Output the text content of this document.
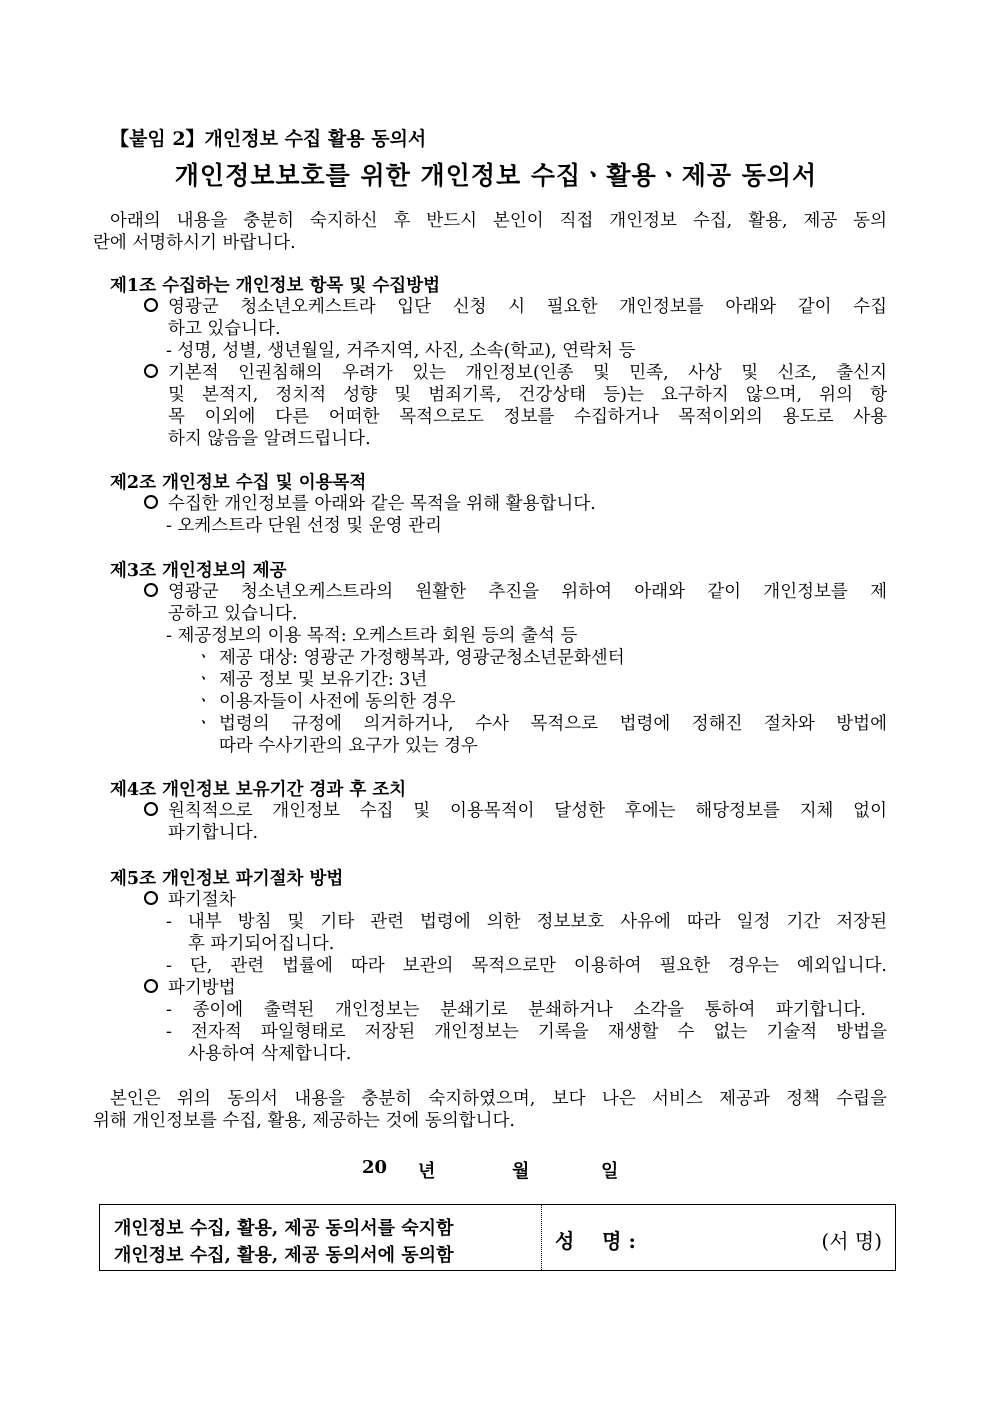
【붙임 2】개인정보 수집 활용 동의서
개인정보보호를 위한 개인정보 수집ㆍ활용ㆍ제공 동의서
아래의 내용을 충분히 숙지하신 후 반드시 본인이 직접 개인정보 수집, 활용, 제공 동의
란에 서명하시기 바랍니다.
제1조 수집하는 개인정보 항목 및 수집방법
영광군 청소년오케스트라 입단 신청 시 필요한 개인정보를 아래와 같이 수집
하고 있습니다.
- 성명, 성별, 생년월일, 거주지역, 사진, 소속(학교), 연락처 등
기본적 인권침해의 우려가 있는 개인정보(인종 및 민족, 사상 및 신조, 출신지
및 본적지, 정치적 성향 및 범죄기록, 건강상태 등)는 요구하지 않으며, 위의 항
목 이외에 다른 어떠한 목적으로도 정보를 수집하거나 목적이외의 용도로 사용
하지 않음을 알려드립니다.
제2조 개인정보 수집 및 이용목적
수집한 개인정보를 아래와 같은 목적을 위해 활용합니다.
- 오케스트라 단원 선정 및 운영 관리
제3조 개인정보의 제공
영광군 청소년오케스트라의 원활한 추진을 위하여 아래와 같이 개인정보를 제
공하고 있습니다.
- 제공정보의 이용 목적: 오케스트라 회원 등의 출석 등
ㆍ 제공 대상: 영광군 가정행복과, 영광군청소년문화센터
ㆍ 제공 정보 및 보유기간: 3년
ㆍ 이용자들이 사전에 동의한 경우
ㆍ 법령의 규정에 의거하거나, 수사 목적으로 법령에 정해진 절차와 방법에
따라 수사기관의 요구가 있는 경우
제4조 개인정보 보유기간 경과 후 조치
원칙적으로 개인정보 수집 및 이용목적이 달성한 후에는 해당정보를 지체 없이
파기합니다.
제5조 개인정보 파기절차 방법
파기절차
- 내부 방침 및 기타 관련 법령에 의한 정보보호 사유에 따라 일정 기간 저장된
후 파기되어집니다.
- 단, 관련 법률에 따라 보관의 목적으로만 이용하여 필요한 경우는 예외입니다.
파기방법
- 종이에 출력된 개인정보는 분쇄기로 분쇄하거나 소각을 통하여 파기합니다.
- 전자적 파일형태로 저장된 개인정보는 기록을 재생할 수 없는 기술적 방법을
사용하여 삭제합니다.
본인은 위의 동의서 내용을 충분히 숙지하였으며, 보다 나은 서비스 제공과 정책 수립을
위해 개인정보를 수집, 활용, 제공하는 것에 동의합니다.
20 년	월	일
개인정보 수집, 활용, 제공 동의서를 숙지함
개인정보 수집, 활용, 제공 동의서에 동의함
성    명 :	(서 명)
